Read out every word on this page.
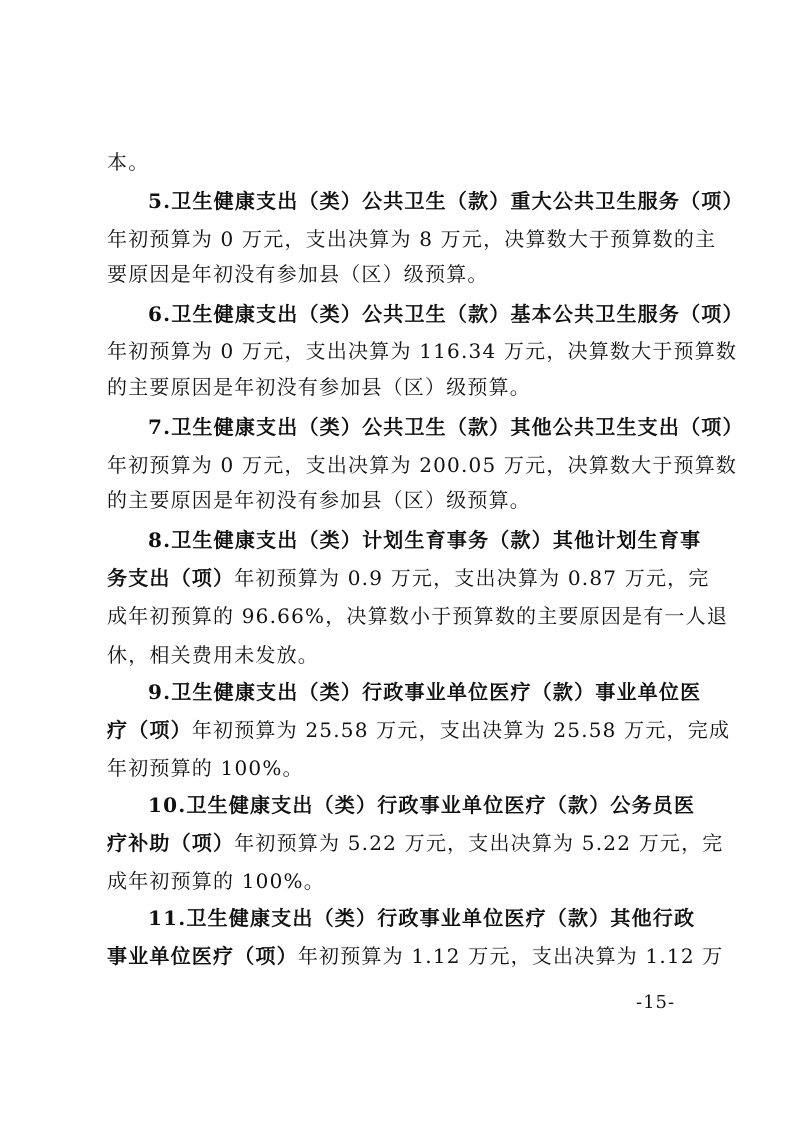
本。
5.卫生健康支出（类）公共卫生（款）重大公共卫生服务（项）
年初预算为 0 万元，支出决算为 8 万元，决算数大于预算数的主
要原因是年初没有参加县（区）级预算。
6.卫生健康支出（类）公共卫生（款）基本公共卫生服务（项）
年初预算为 0 万元，支出决算为 116.34 万元，决算数大于预算数
的主要原因是年初没有参加县（区）级预算。
7.卫生健康支出（类）公共卫生（款）其他公共卫生支出（项）
年初预算为 0 万元，支出决算为 200.05 万元，决算数大于预算数
的主要原因是年初没有参加县（区）级预算。
8.卫生健康支出（类）计划生育事务（款）其他计划生育事
务支出（项）年初预算为 0.9 万元，支出决算为 0.87 万元，完
成年初预算的 96.66%，决算数小于预算数的主要原因是有一人退
休，相关费用未发放。
9.卫生健康支出（类）行政事业单位医疗（款）事业单位医
疗（项）年初预算为 25.58 万元，支出决算为 25.58 万元，完成
年初预算的 100%。
10.卫生健康支出（类）行政事业单位医疗（款）公务员医
疗补助（项）年初预算为 5.22 万元，支出决算为 5.22 万元，完
成年初预算的 100%。
11.卫生健康支出（类）行政事业单位医疗（款）其他行政
事业单位医疗（项）年初预算为 1.12 万元，支出决算为 1.12 万
-15-
